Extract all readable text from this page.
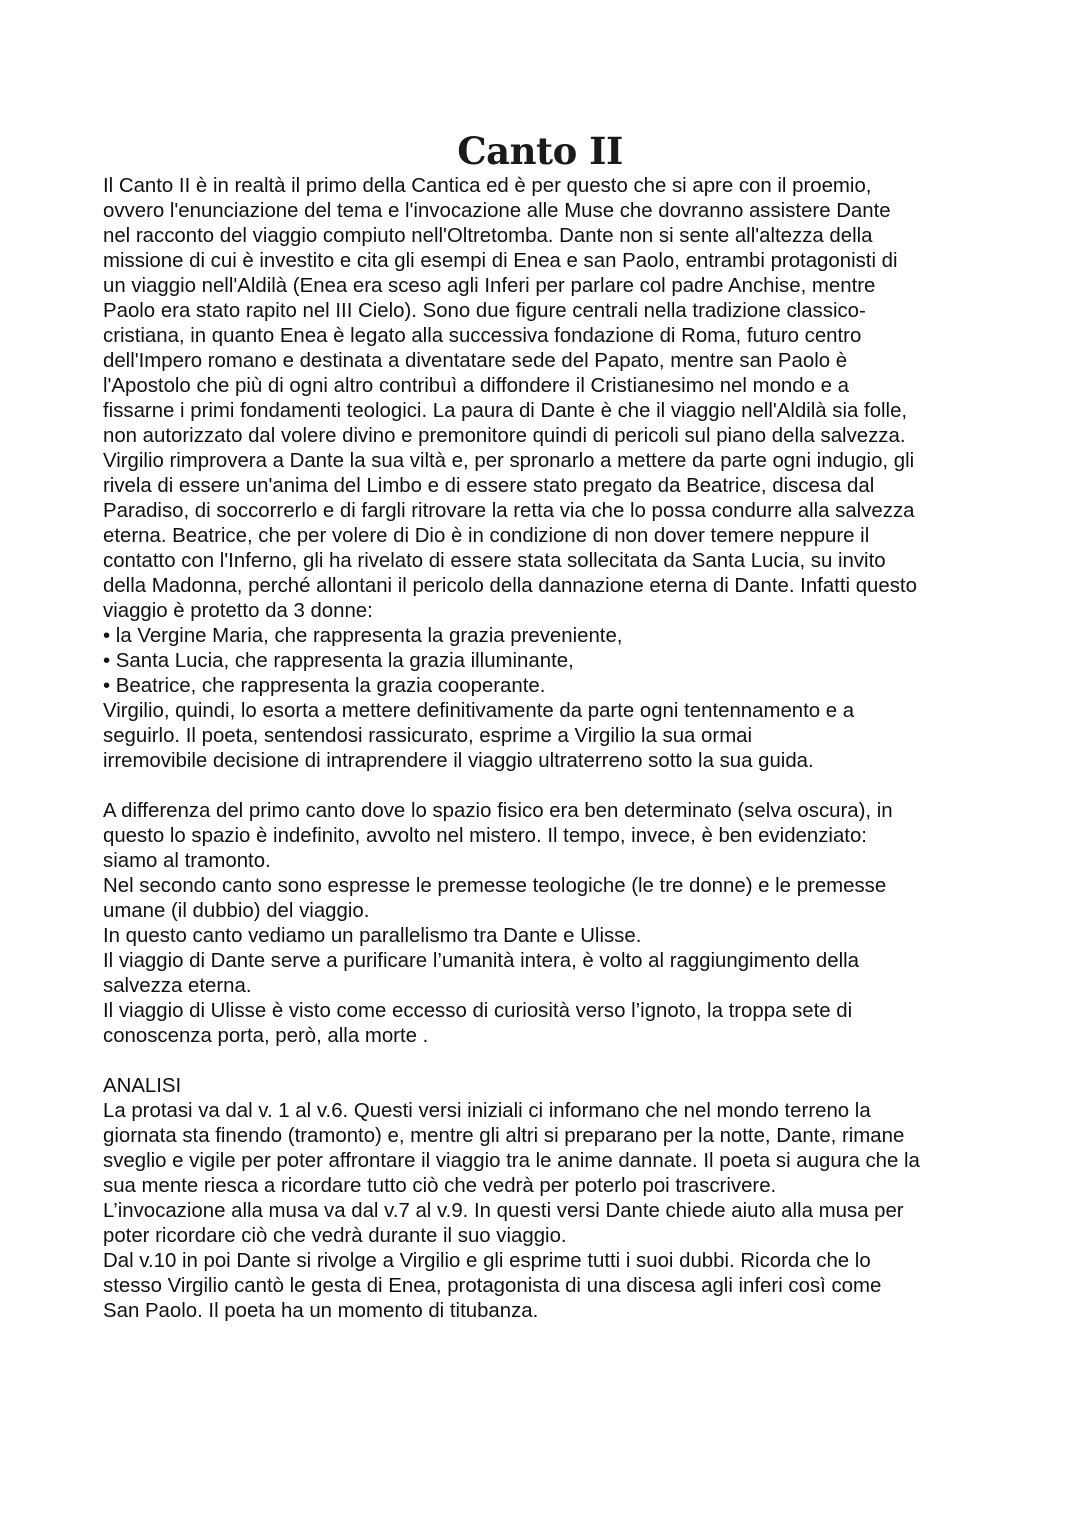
Canto II
Il Canto II è in realtà il primo della Cantica ed è per questo che si apre con il proemio,
ovvero l'enunciazione del tema e l'invocazione alle Muse che dovranno assistere Dante
nel racconto del viaggio compiuto nell'Oltretomba. Dante non si sente all'altezza della
missione di cui è investito e cita gli esempi di Enea e san Paolo, entrambi protagonisti di
un viaggio nell'Aldilà (Enea era sceso agli Inferi per parlare col padre Anchise, mentre
Paolo era stato rapito nel III Cielo). Sono due figure centrali nella tradizione classico-
cristiana, in quanto Enea è legato alla successiva fondazione di Roma, futuro centro
dell'Impero romano e destinata a diventatare sede del Papato, mentre san Paolo è
l'Apostolo che più di ogni altro contribuì a diffondere il Cristianesimo nel mondo e a
fissarne i primi fondamenti teologici. La paura di Dante è che il viaggio nell'Aldilà sia folle,
non autorizzato dal volere divino e premonitore quindi di pericoli sul piano della salvezza.
Virgilio rimprovera a Dante la sua viltà e, per spronarlo a mettere da parte ogni indugio, gli
rivela di essere un'anima del Limbo e di essere stato pregato da Beatrice, discesa dal
Paradiso, di soccorrerlo e di fargli ritrovare la retta via che lo possa condurre alla salvezza
eterna. Beatrice, che per volere di Dio è in condizione di non dover temere neppure il
contatto con l'Inferno, gli ha rivelato di essere stata sollecitata da Santa Lucia, su invito
della Madonna, perché allontani il pericolo della dannazione eterna di Dante. Infatti questo
viaggio è protetto da 3 donne:
• la Vergine Maria, che rappresenta la grazia preveniente,
• Santa Lucia, che rappresenta la grazia illuminante,
• Beatrice, che rappresenta la grazia cooperante.
Virgilio, quindi, lo esorta a mettere definitivamente da parte ogni tentennamento e a
seguirlo. Il poeta, sentendosi rassicurato, esprime a Virgilio la sua ormai
irremovibile decisione di intraprendere il viaggio ultraterreno sotto la sua guida.
A differenza del primo canto dove lo spazio fisico era ben determinato (selva oscura), in
questo lo spazio è indefinito, avvolto nel mistero. Il tempo, invece, è ben evidenziato:
siamo al tramonto.
Nel secondo canto sono espresse le premesse teologiche (le tre donne) e le premesse
umane (il dubbio) del viaggio.
In questo canto vediamo un parallelismo tra Dante e Ulisse.
Il viaggio di Dante serve a purificare l’umanità intera, è volto al raggiungimento della
salvezza eterna.
Il viaggio di Ulisse è visto come eccesso di curiosità verso l’ignoto, la troppa sete di
conoscenza porta, però, alla morte .
ANALISI
La protasi va dal v. 1 al v.6. Questi versi iniziali ci informano che nel mondo terreno la
giornata sta finendo (tramonto) e, mentre gli altri si preparano per la notte, Dante, rimane
sveglio e vigile per poter affrontare il viaggio tra le anime dannate. Il poeta si augura che la
sua mente riesca a ricordare tutto ciò che vedrà per poterlo poi trascrivere.
L’invocazione alla musa va dal v.7 al v.9. In questi versi Dante chiede aiuto alla musa per
poter ricordare ciò che vedrà durante il suo viaggio.
Dal v.10 in poi Dante si rivolge a Virgilio e gli esprime tutti i suoi dubbi. Ricorda che lo
stesso Virgilio cantò le gesta di Enea, protagonista di una discesa agli inferi così come
San Paolo. Il poeta ha un momento di titubanza.
